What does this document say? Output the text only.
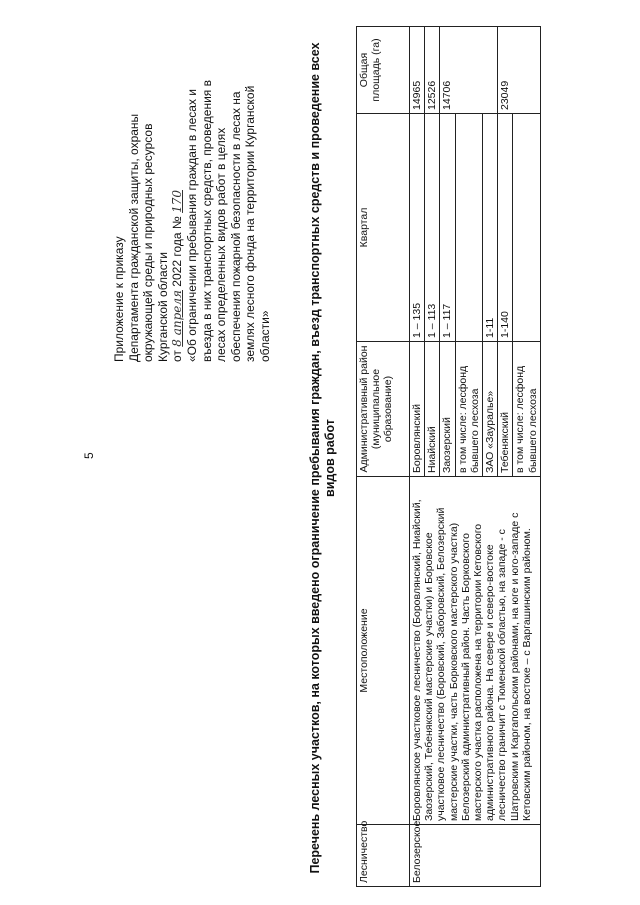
5
Приложение к приказу Департамента гражданской защиты, охраны окружающей среды и природных ресурсов Курганской области от 8 апреля 2022 года № 170 «Об ограничении пребывания граждан в лесах и въезда в них транспортных средств, проведения в лесах определенных видов работ в целях обеспечения пожарной безопасности в лесах на землях лесного фонда на территории Курганской области»	Перечень лесных участков, на которых введено ограничение пребывания граждан, въезд транспортных средств и проведение всех видов работ
Лесничество	Местоположение	Административный район (муниципальное образование)	Квартал	Общая площадь (га)
Белозерское	Боровлянское участковое лесничество (Боровлянский, Ниайский, Заозерский, Тебенякский мастерские участки) и Боровское участковое лесничество (Боровский, Заборовский, Белозерский мастерские участки, часть Борковского мастерского участка) Белозерский административный район. Часть Борковского мастерского участка расположена на территории Кетовского административного района. На севере и северо-востоке лесничество граничит с Тюменской областью, на западе - с Шатровским и Каргапольским районами, на юге и юго-западе с Кетовским районом, на востоке – с Варгашинским районом.	Боровлянский	1 – 135	14965
		Ниайский	1 – 113	12526
		Заозерский	1 – 117	14706
		в том числе: лесфонд бывшего лесхоза		
		ЗАО «Зауралье»	1-11	
		Тебенякский	1-140	23049
		в том числе: лесфонд бывшего лесхоза		
